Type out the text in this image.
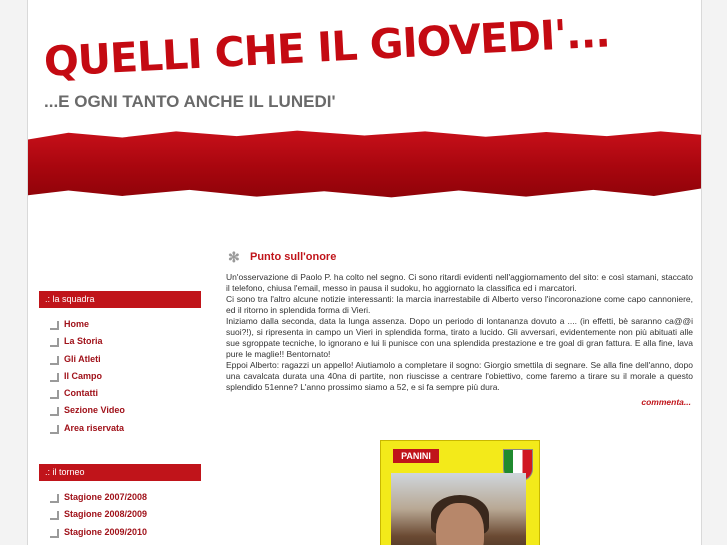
QUELLI CHE IL GIOVEDI'...
...E OGNI TANTO ANCHE IL LUNEDI'
.: la squadra
Home
La Storia
Gli Atleti
Il Campo
Contatti
Sezione Video
Area riservata
.: il torneo
Stagione 2007/2008
Stagione 2008/2009
Stagione 2009/2010
✻ Punto sull'onore

Un'osservazione di Paolo P. ha colto nel segno. Ci sono ritardi evidenti nell'aggiornamento del sito: e così stamani, staccato il telefono, chiusa l'email, messo in pausa il sudoku, ho aggiornato la classifica ed i marcatori.

Ci sono tra l'altro alcune notizie interessanti: la marcia inarrestabile di Alberto verso l'incoronazione come capo cannoniere, ed il ritorno in splendida forma di Vieri.

Iniziamo dalla seconda, data la lunga assenza. Dopo un periodo di lontananza dovuto a .... (in effetti, bè saranno ca@@i suoi?!), si ripresenta in campo un Vieri in splendida forma, tirato a lucido. Gli avversari, evidentemente non più abituati alle sue sgroppate tecniche, lo ignorano e lui li punisce con una splendida prestazione e tre goal di gran fattura. E alla fine, lava pure le maglie!! Bentornato!

Eppoi Alberto: ragazzi un appello! Aiutiamolo a completare il sogno: Giorgio smettila di segnare. Se alla fine dell'anno, dopo una cavalcata durata una 40na di partite, non riuscisse a centrare l'obiettivo, come faremo a tirare su il morale a questo splendido 51enne? L'anno prossimo siamo a 52, e si fa sempre più dura.

commenta...
PANINI
